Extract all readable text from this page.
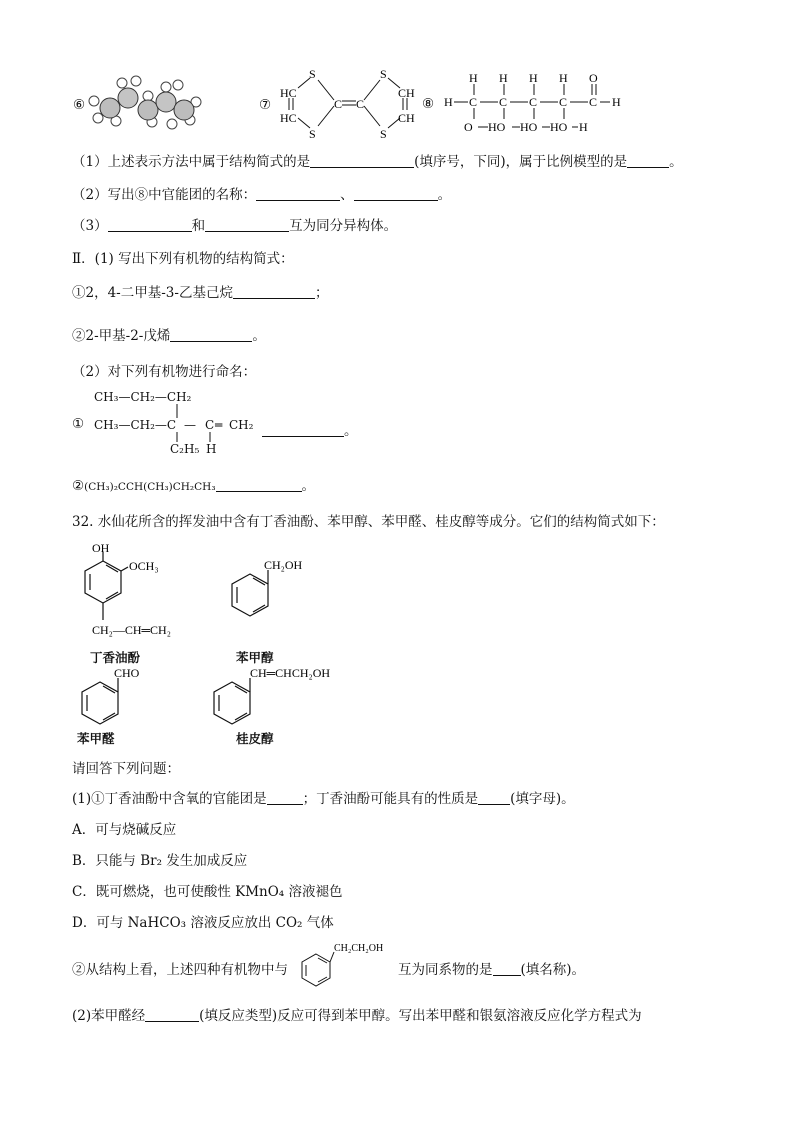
⑥	⑦
S
S
S
S
HC
HC
CH
CH
C C	⑧ H C C C C C H
H H H H O
O HO HO HO H
（1）上述表示方法中属于结构简式的是	(填序号，下同)，属于比例模型的是	。
（2）写出⑧中官能团的名称：	、	。
（3）	和	互为同分异构体。
Ⅱ．(1) 写出下列有机物的结构简式：
①2，4-二甲基-3-乙基己烷	；
②2-甲基-2-戊烯	。
（2）对下列有机物进行命名：
①
CH₃—CH₂—CH₂
CH₃—CH₂—C — C ═ CH₂
C₂H₅ H
。
②(CH₃)₂CCH(CH₃)CH₂CH₃	。
32. 水仙花所含的挥发油中含有丁香油酚、苯甲醇、苯甲醛、桂皮醇等成分。它们的结构简式如下：
OH
OCH₃
CH₂—CH═CH₂
丁香油酚
CH₂OH
苯甲醇
CHO
苯甲醛
CH═CHCH₂OH
桂皮醇
请回答下列问题：
(1)①丁香油酚中含氧的官能团是	；丁香油酚可能具有的性质是 (填字母)。
A．可与烧碱反应
B．只能与 Br₂ 发生加成反应
C．既可燃烧，也可使酸性 KMnO₄ 溶液褪色
D．可与 NaHCO₃ 溶液反应放出 CO₂ 气体
②从结构上看，上述四种有机物中与
CH₂CH₂OH
互为同系物的是 (填名称)。
(2)苯甲醛经	(填反应类型)反应可得到苯甲醇。写出苯甲醛和银氨溶液反应化学方程式为
